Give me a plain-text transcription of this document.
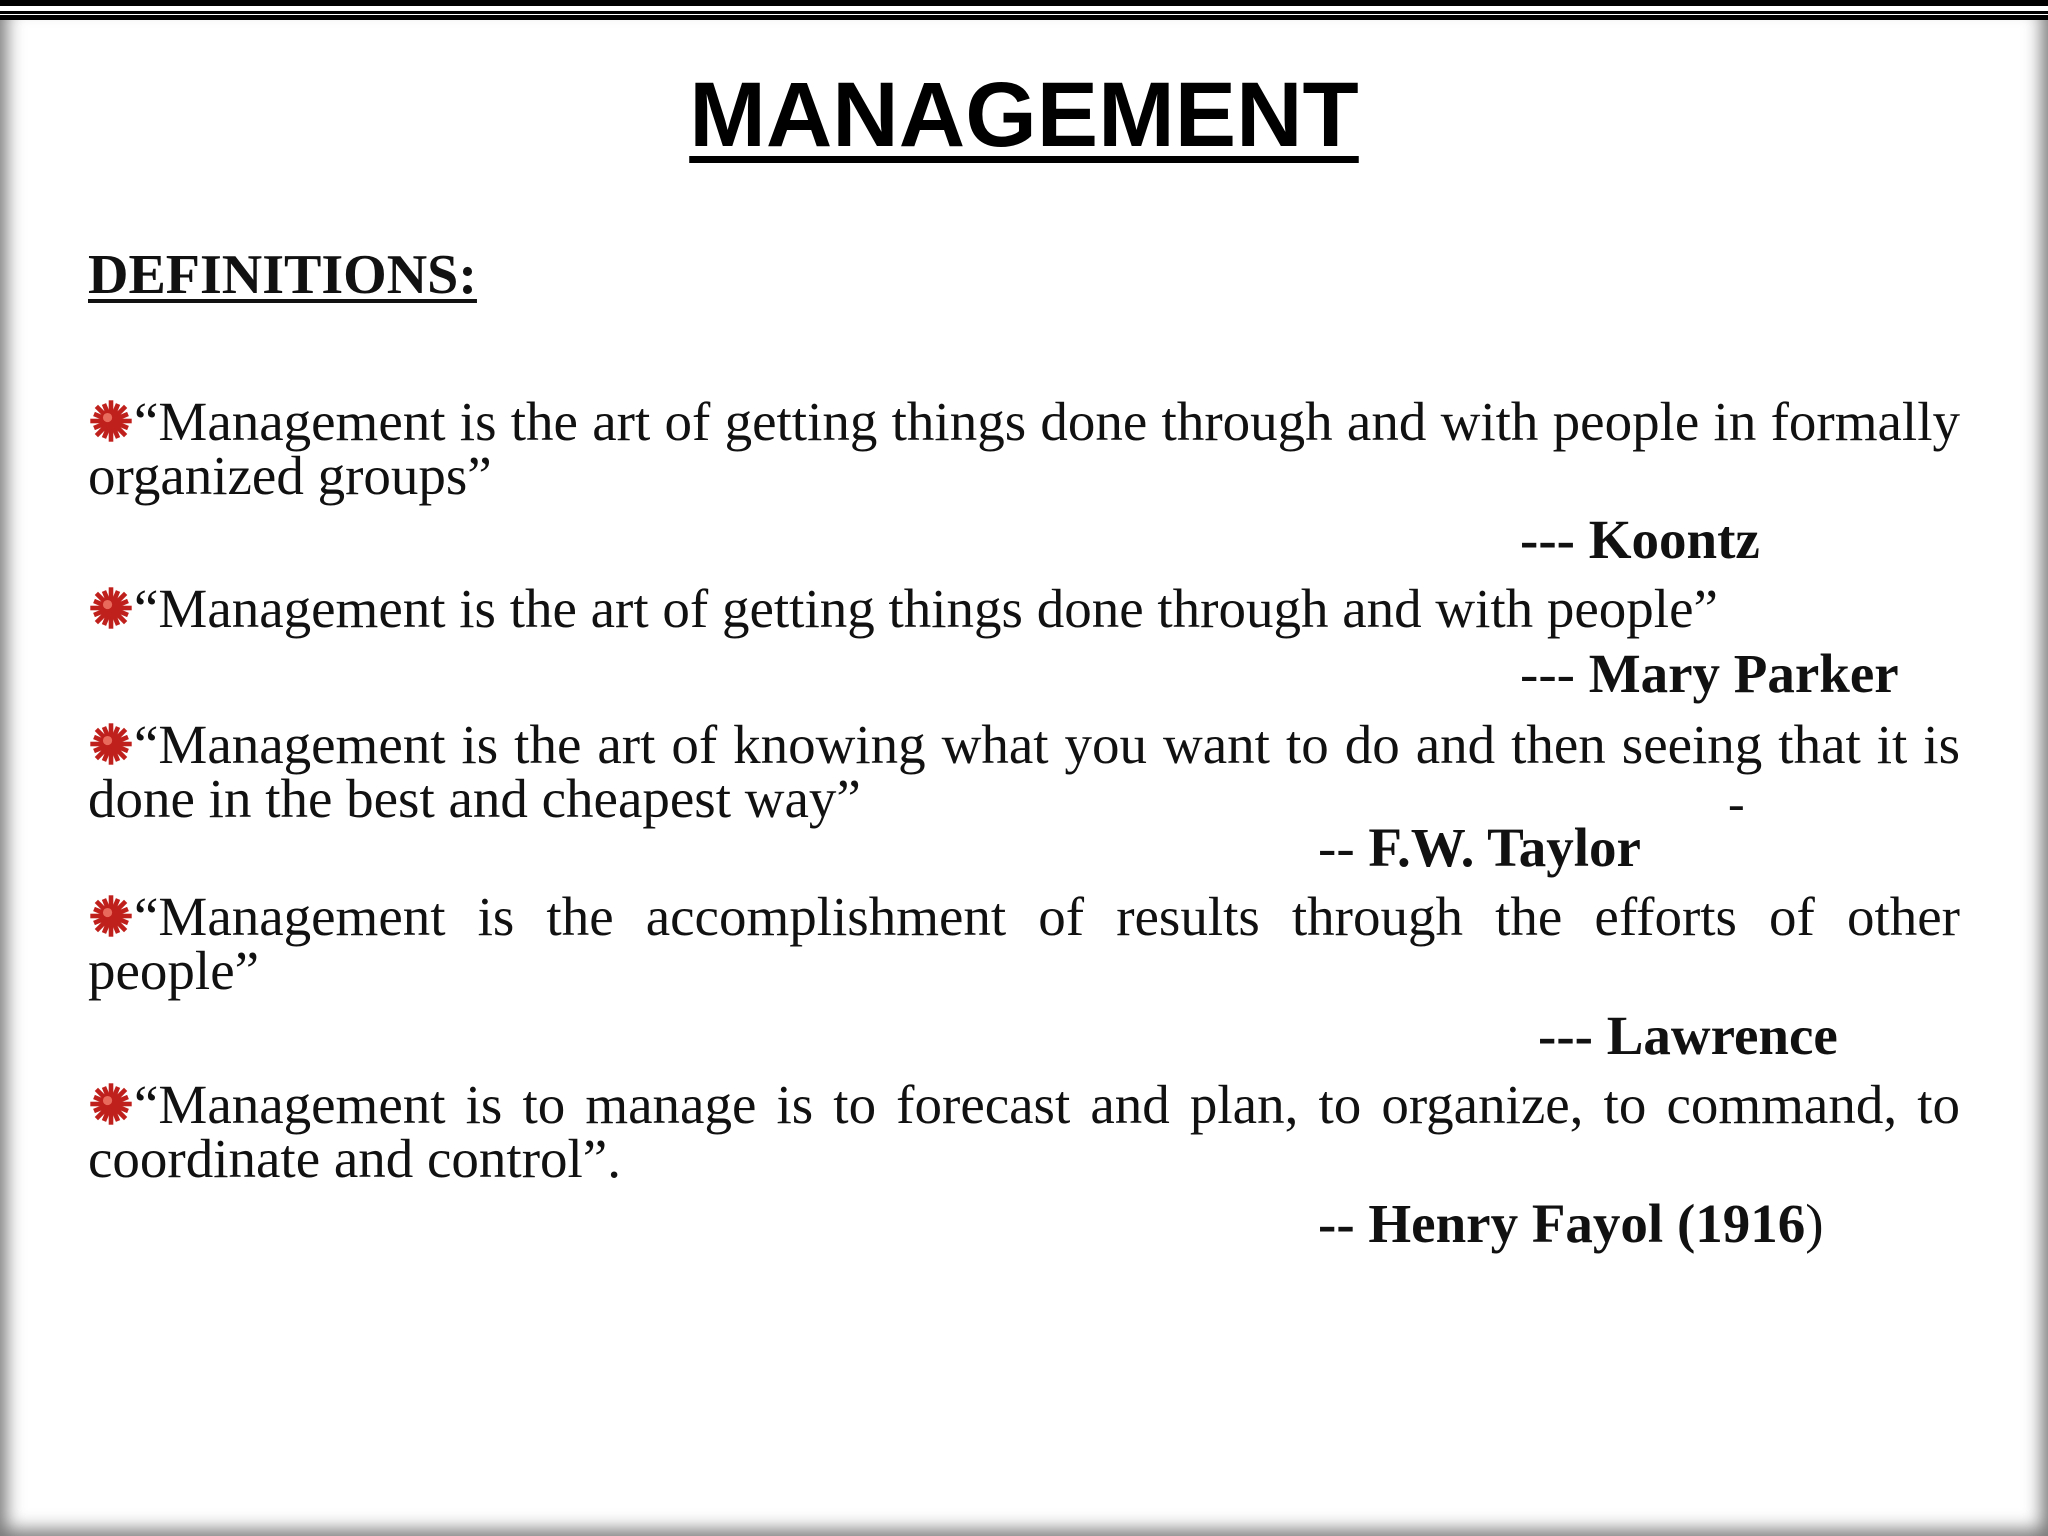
MANAGEMENT
DEFINITIONS:
“Management is the art of getting things done through and with people in formally organized groups”
--- Koontz
“Management is the art of getting things done through and with people”
--- Mary Parker
“Management is the art of knowing what you want to do and then seeing that it is done in the best and cheapest way”	-
-- F.W. Taylor
“Management is the accomplishment of results through the efforts of other people”
--- Lawrence
“Management is to manage is to forecast and plan, to organize, to command, to coordinate and control”.
-- Henry Fayol (1916)
